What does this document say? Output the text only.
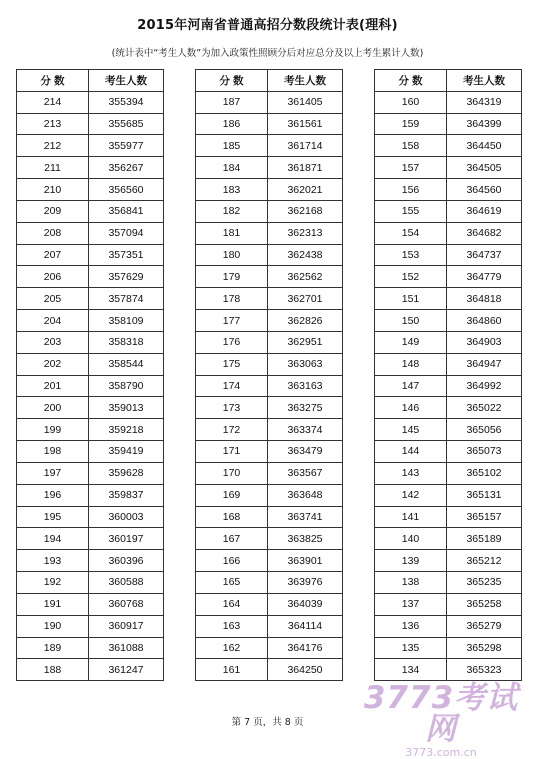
2015年河南省普通高招分数段统计表(理科)
(统计表中“考生人数”为加入政策性照顾分后对应总分及以上考生累计人数)
分 数	考生人数
214	355394
213	355685
212	355977
211	356267
210	356560
209	356841
208	357094
207	357351
206	357629
205	357874
204	358109
203	358318
202	358544
201	358790
200	359013
199	359218
198	359419
197	359628
196	359837
195	360003
194	360197
193	360396
192	360588
191	360768
190	360917
189	361088
188	361247
分 数	考生人数
187	361405
186	361561
185	361714
184	361871
183	362021
182	362168
181	362313
180	362438
179	362562
178	362701
177	362826
176	362951
175	363063
174	363163
173	363275
172	363374
171	363479
170	363567
169	363648
168	363741
167	363825
166	363901
165	363976
164	364039
163	364114
162	364176
161	364250
分 数	考生人数
160	364319
159	364399
158	364450
157	364505
156	364560
155	364619
154	364682
153	364737
152	364779
151	364818
150	364860
149	364903
148	364947
147	364992
146	365022
145	365056
144	365073
143	365102
142	365131
141	365157
140	365189
139	365212
138	365235
137	365258
136	365279
135	365298
134	365323
第 7 页，共 8 页
3773考试网
3773.com.cn
